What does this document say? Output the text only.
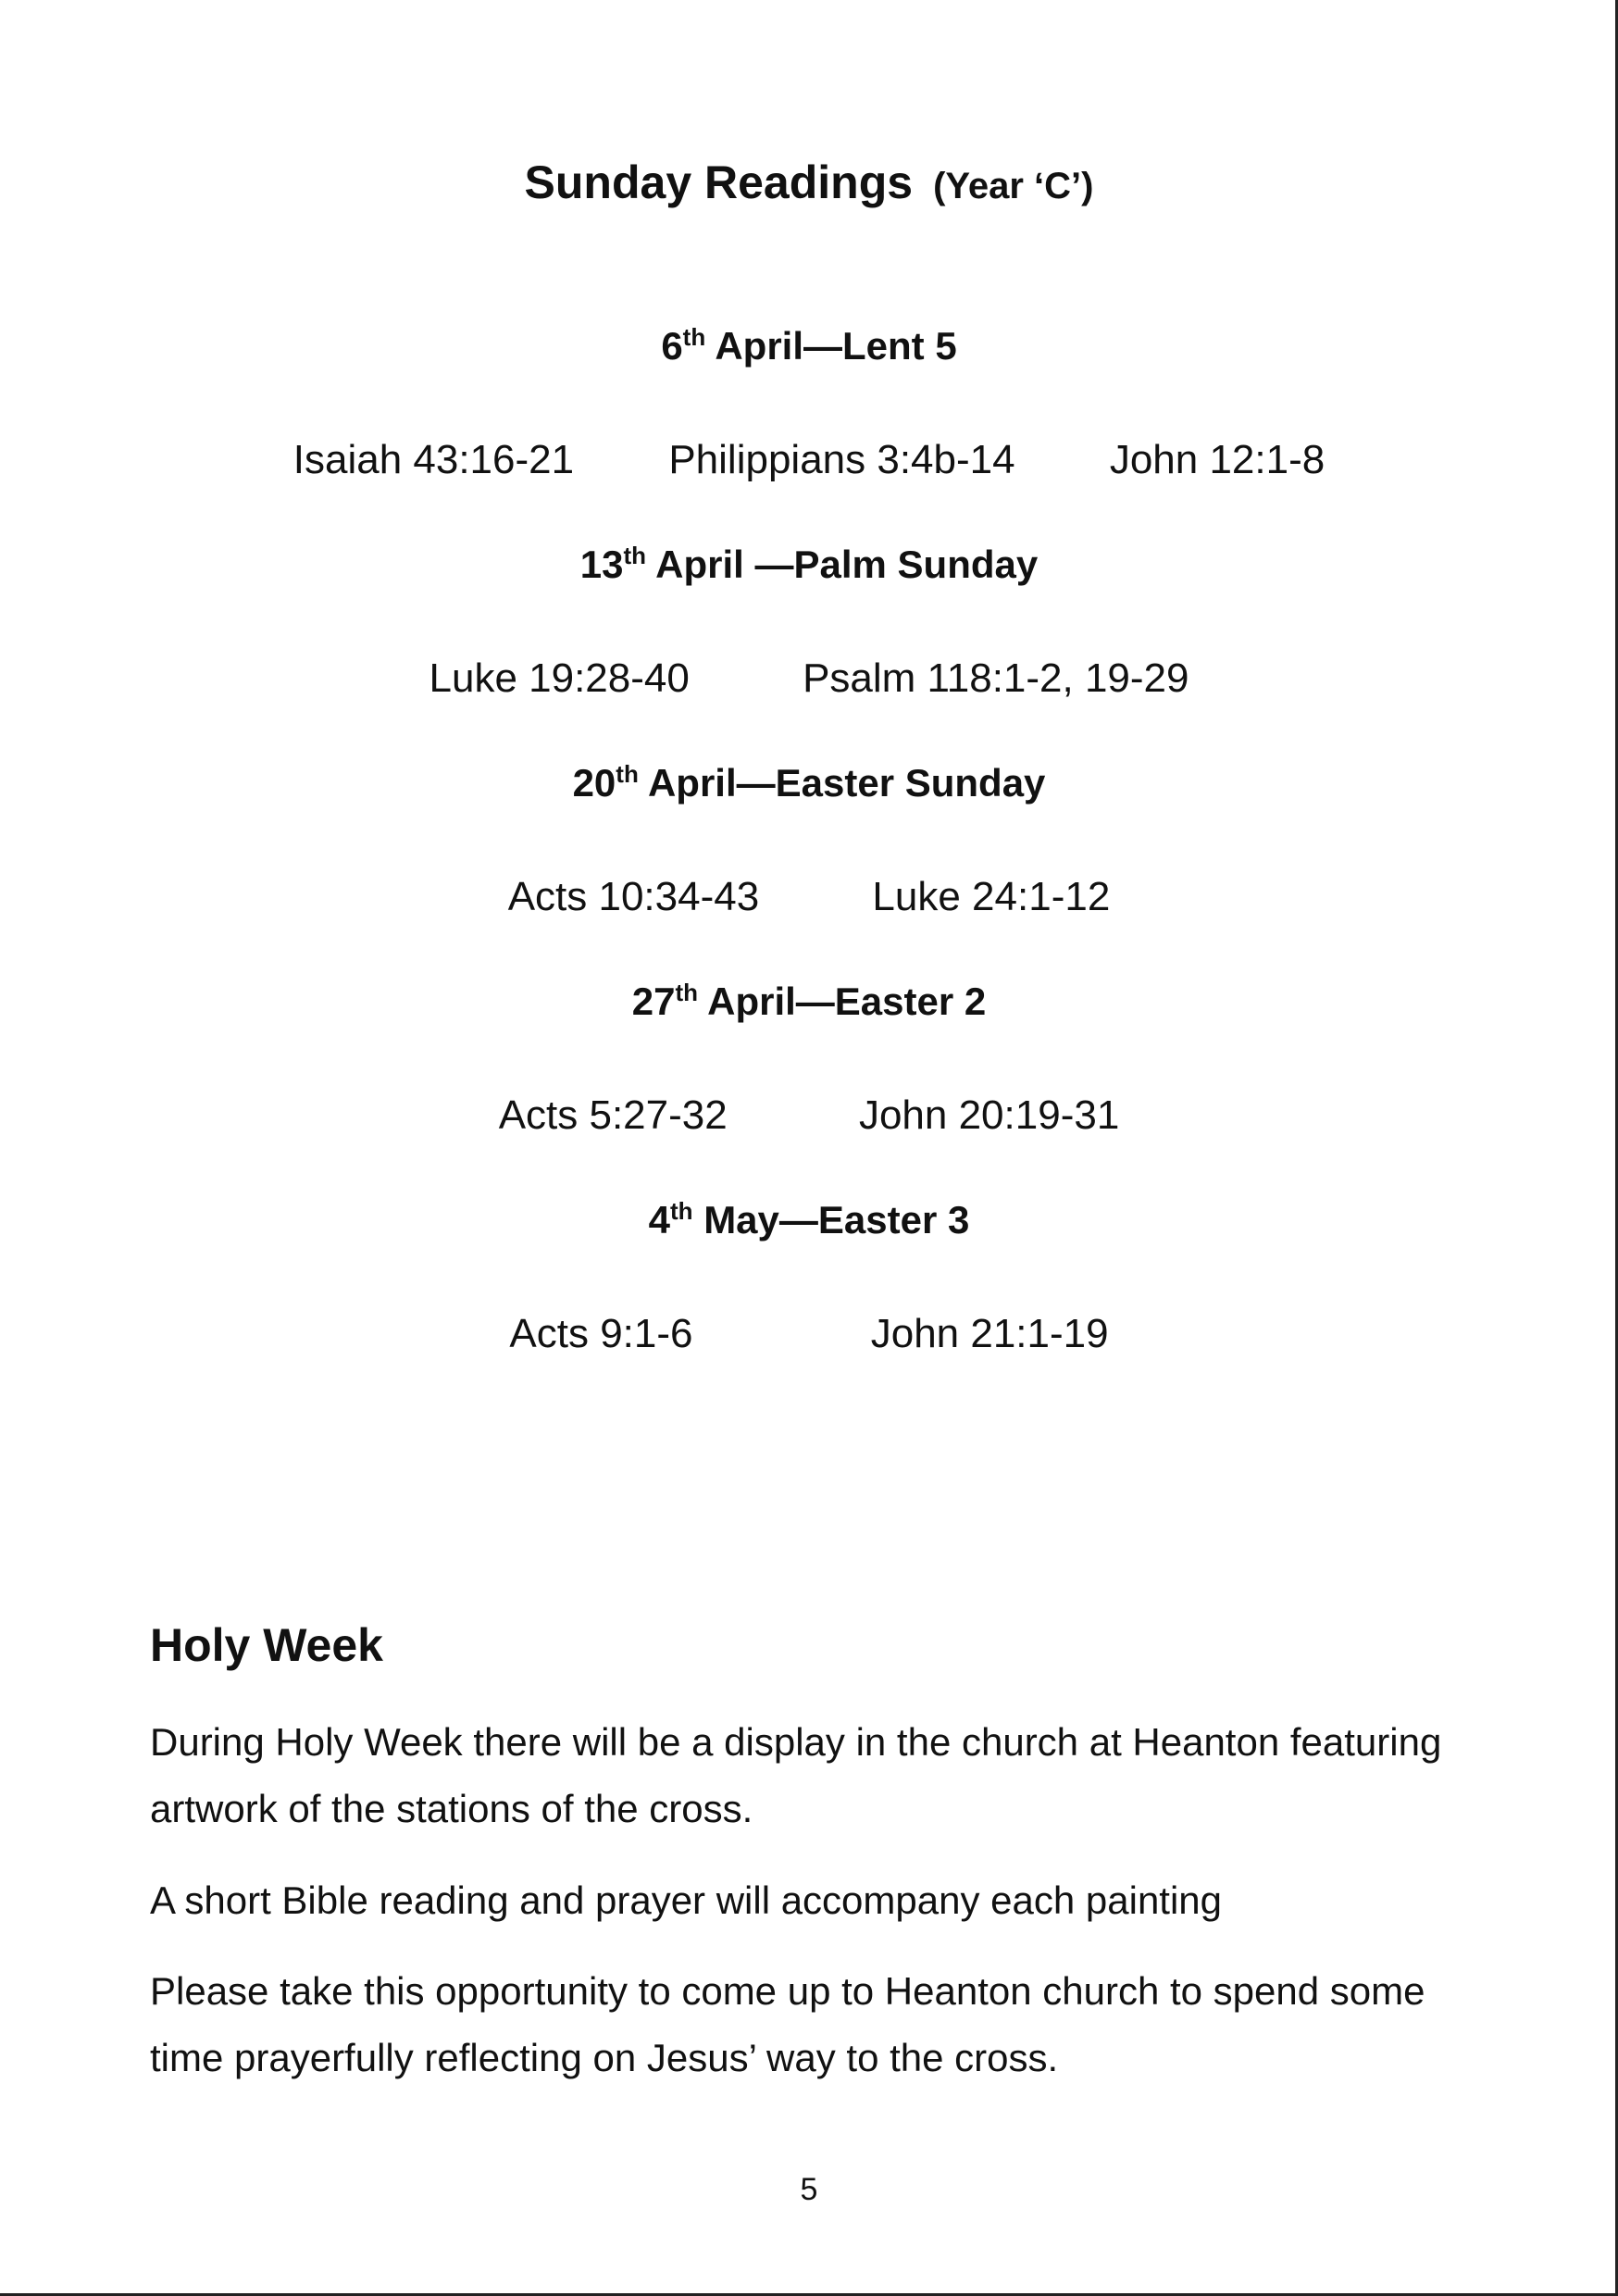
Sunday Readings (Year ‘C’)
6th April—Lent 5
Isaiah 43:16-21 Philippians 3:4b-14 John 12:1-8
13th April —Palm Sunday
Luke 19:28-40	Psalm 118:1-2, 19-29
20th April—Easter Sunday
Acts 10:34-43	Luke 24:1-12
27th April—Easter 2
Acts 5:27-32	John 20:19-31
4th May—Easter 3
Acts 9:1-6	John 21:1-19
Holy Week
During Holy Week there will be a display in the church at Heanton featuring artwork of the stations of the cross.
A short Bible reading and prayer will accompany each painting
Please take this opportunity to come up to Heanton church to spend some time prayerfully reflecting on Jesus’ way to the cross.
5
